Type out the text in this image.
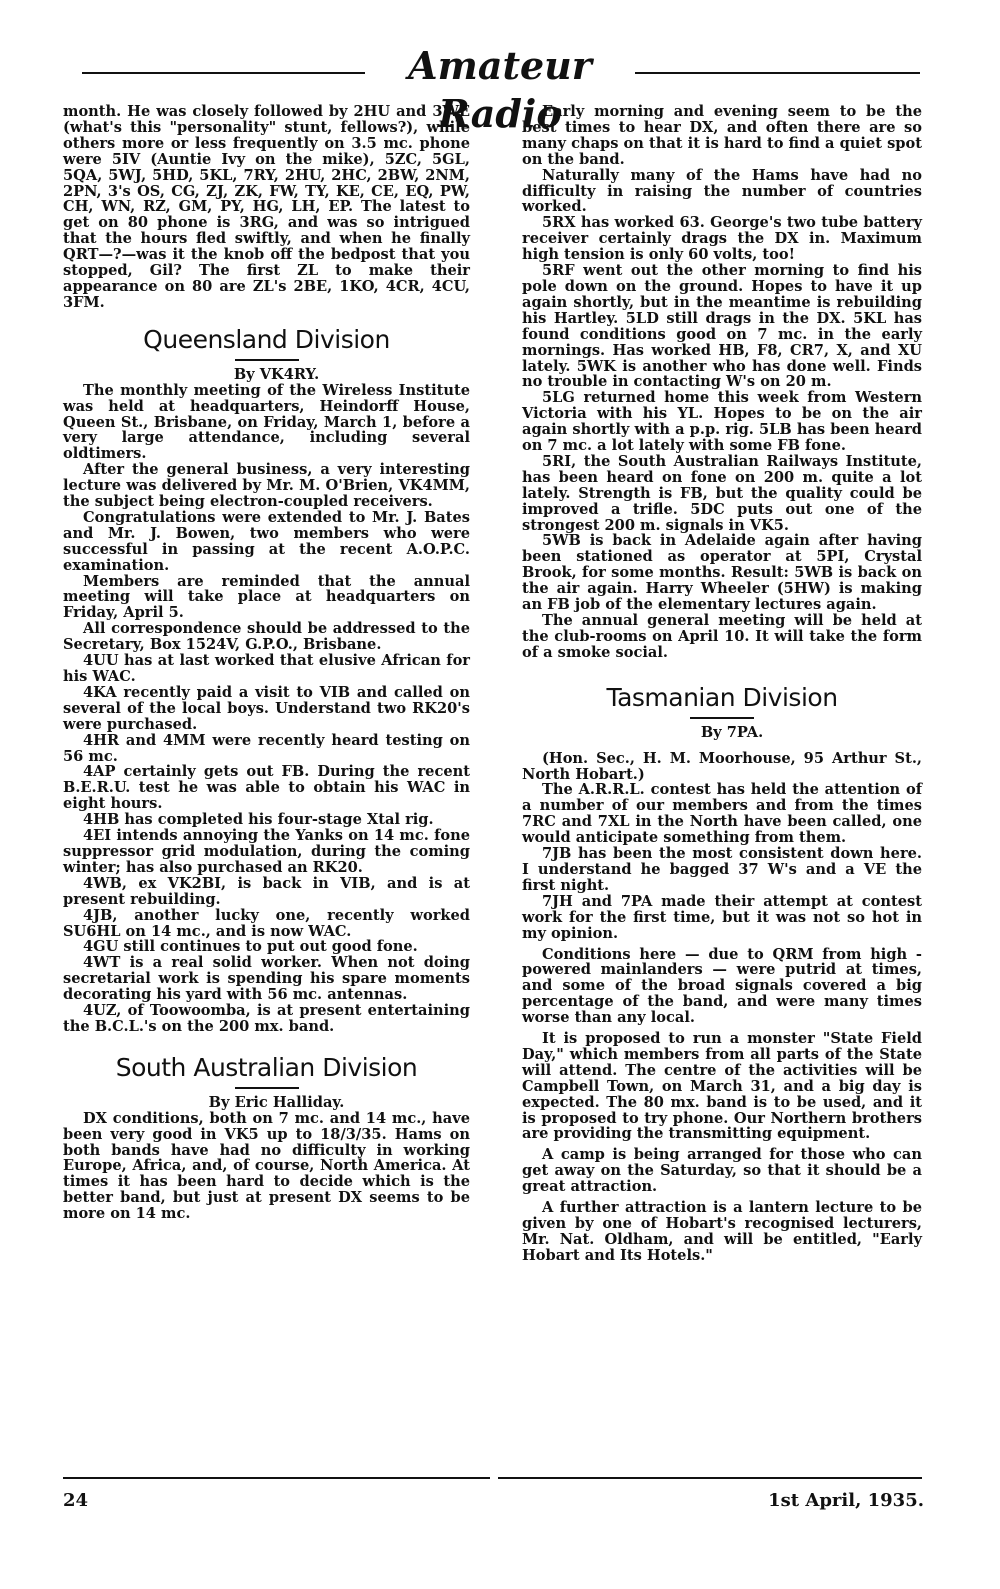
Amateur Radio

month. He was closely followed by 2HU and 3WE (what's this "personality" stunt, fellows?), while others more or less frequently on 3.5 mc. phone were 5IV (Auntie Ivy on the mike), 5ZC, 5GL, 5QA, 5WJ, 5HD, 5KL, 7RY, 2HU, 2HC, 2BW, 2NM, 2PN, 3's OS, CG, ZJ, ZK, FW, TY, KE, CE, EQ, PW, CH, WN, RZ, GM, PY, HG, LH, EP. The latest to get on 80 phone is 3RG, and was so intrigued that the hours fled swiftly, and when he finally QRT—?—was it the knob off the bedpost that you stopped, Gil? The first ZL to make their appearance on 80 are ZL's 2BE, 1KO, 4CR, 4CU, 3FM.

Queensland Division

By VK4RY.

The monthly meeting of the Wireless Institute was held at headquarters, Heindorff House, Queen St., Brisbane, on Friday, March 1, before a very large attendance, including several oldtimers.

After the general business, a very interesting lecture was delivered by Mr. M. O'Brien, VK4MM, the subject being electron-coupled receivers.

Congratulations were extended to Mr. J. Bates and Mr. J. Bowen, two members who were successful in passing at the recent A.O.P.C. examination.

Members are reminded that the annual meeting will take place at headquarters on Friday, April 5.

All correspondence should be addressed to the Secretary, Box 1524V, G.P.O., Brisbane.

4UU has at last worked that elusive African for his WAC.

4KA recently paid a visit to VIB and called on several of the local boys. Understand two RK20's were purchased.

4HR and 4MM were recently heard testing on 56 mc.

4AP certainly gets out FB. During the recent B.E.R.U. test he was able to obtain his WAC in eight hours.

4HB has completed his four-stage Xtal rig.

4EI intends annoying the Yanks on 14 mc. fone suppressor grid modulation, during the coming winter; has also purchased an RK20.

4WB, ex VK2BI, is back in VIB, and is at present rebuilding.

4JB, another lucky one, recently worked SU6HL on 14 mc., and is now WAC.

4GU still continues to put out good fone.

4WT is a real solid worker. When not doing secretarial work is spending his spare moments decorating his yard with 56 mc. antennas.

4UZ, of Toowoomba, is at present entertaining the B.C.L.'s on the 200 mx. band.

South Australian Division

By Eric Halliday.

DX conditions, both on 7 mc. and 14 mc., have been very good in VK5 up to 18/3/35. Hams on both bands have had no difficulty in working Europe, Africa, and, of course, North America. At times it has been hard to decide which is the better band, but just at present DX seems to be more on 14 mc.

Early morning and evening seem to be the best times to hear DX, and often there are so many chaps on that it is hard to find a quiet spot on the band.

Naturally many of the Hams have had no difficulty in raising the number of countries worked.

5RX has worked 63. George's two tube battery receiver certainly drags the DX in. Maximum high tension is only 60 volts, too!

5RF went out the other morning to find his pole down on the ground. Hopes to have it up again shortly, but in the meantime is rebuilding his Hartley. 5LD still drags in the DX. 5KL has found conditions good on 7 mc. in the early mornings. Has worked HB, F8, CR7, X, and XU lately. 5WK is another who has done well. Finds no trouble in contacting W's on 20 m.

5LG returned home this week from Western Victoria with his YL. Hopes to be on the air again shortly with a p.p. rig. 5LB has been heard on 7 mc. a lot lately with some FB fone.

5RI, the South Australian Railways Institute, has been heard on fone on 200 m. quite a lot lately. Strength is FB, but the quality could be improved a trifle. 5DC puts out one of the strongest 200 m. signals in VK5.

5WB is back in Adelaide again after having been stationed as operator at 5PI, Crystal Brook, for some months. Result: 5WB is back on the air again. Harry Wheeler (5HW) is making an FB job of the elementary lectures again.

The annual general meeting will be held at the club-rooms on April 10. It will take the form of a smoke social.

Tasmanian Division

By 7PA.

(Hon. Sec., H. M. Moorhouse, 95 Arthur St., North Hobart.)

The A.R.R.L. contest has held the attention of a number of our members and from the times 7RC and 7XL in the North have been called, one would anticipate something from them.

7JB has been the most consistent down here. I understand he bagged 37 W's and a VE the first night.

7JH and 7PA made their attempt at contest work for the first time, but it was not so hot in my opinion.

Conditions here — due to QRM from high - powered mainlanders — were putrid at times, and some of the broad signals covered a big percentage of the band, and were many times worse than any local.

It is proposed to run a monster "State Field Day," which members from all parts of the State will attend. The centre of the activities will be Campbell Town, on March 31, and a big day is expected. The 80 mx. band is to be used, and it is proposed to try phone. Our Northern brothers are providing the transmitting equipment.

A camp is being arranged for those who can get away on the Saturday, so that it should be a great attraction.

A further attraction is a lantern lecture to be given by one of Hobart's recognised lecturers, Mr. Nat. Oldham, and will be entitled, "Early Hobart and Its Hotels."

24	1st April, 1935.
